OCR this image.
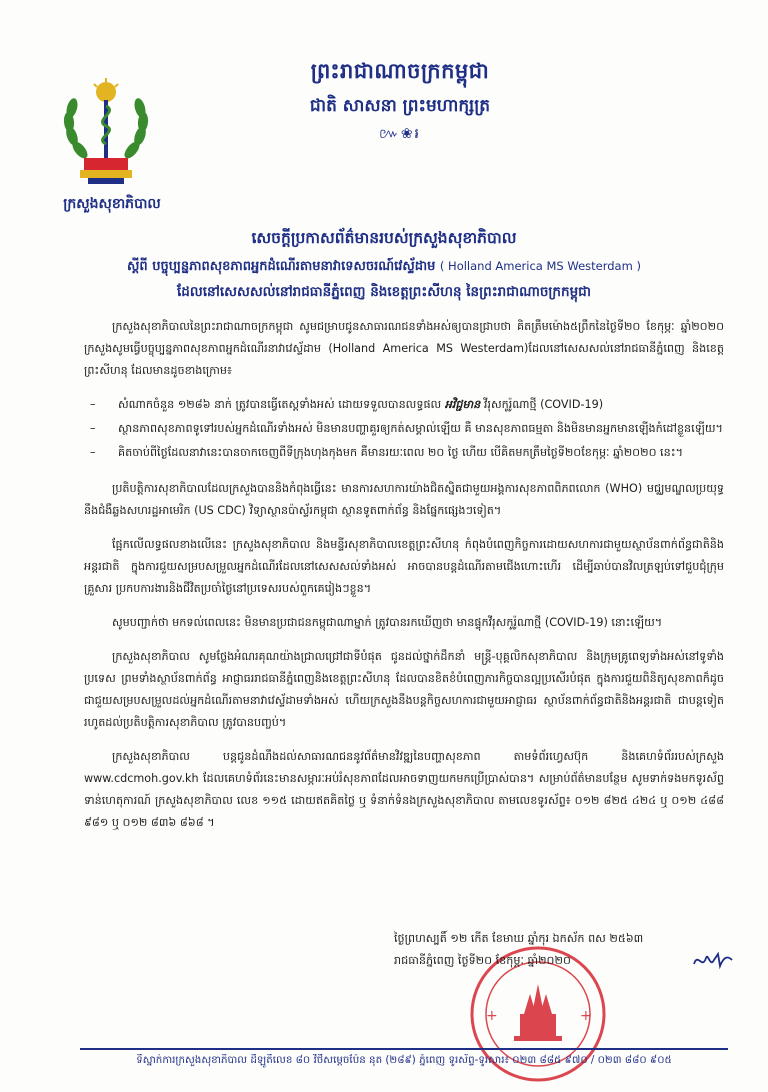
ព្រះរាជាណាចក្រកម្ពុជា
ជាតិ សាសនា ព្រះមហាក្សត្រ
៚❀៛
ក្រសួងសុខាភិបាល
សេចក្តីប្រកាសព័ត៌មានរបស់ក្រសួងសុខាភិបាល
ស្តីពី បច្ចុប្បន្នភាពសុខភាពអ្នកដំណើរតាមនាវាទេសចរណ៍វេស្ទ័ដាម ( Holland America MS Westerdam )
ដែលនៅសេសសល់នៅរាជធានីភ្នំពេញ និងខេត្តព្រះសីហនុ នៃព្រះរាជាណាចក្រកម្ពុជា

ក្រសួងសុខាភិបាលនៃព្រះរាជាណាចក្រកម្ពុជា សូមជម្រាបជូនសាធារណជនទាំងអស់ឲ្យបានជ្រាបថា គិតត្រឹមម៉ោង៥ព្រឹកនៃថ្ងៃទី២០ ខែកុម្ភៈ ឆ្នាំ២០២០ ក្រសួងសូមធ្វើបច្ចុប្បន្នភាពសុខភាពអ្នកដំណើរនាវាវេស្ទ័ដាម (Holland America MS Westerdam)ដែលនៅសេសសល់នៅរាជធានីភ្នំពេញ និងខេត្តព្រះសីហនុ ដែលមានដូចខាងក្រោម៖

– សំណាកចំនួន ១២៨៦ នាក់ ត្រូវបានធ្វើតេស្តទាំងអស់ ដោយទទួលបានលទ្ធផល អវិជ្ជមាន វីរុសកូរ៉ូណាថ្មី (COVID-19)
– ស្ថានភាពសុខភាពទូទៅរបស់អ្នកដំណើរទាំងអស់ មិនមានបញ្ហាគួរឲ្យកត់សម្គាល់ឡើយ គឺ មានសុខភាពធម្មតា និងមិនមានអ្នកមានឡើងកំដៅខ្លួនឡើយ។
– គិតចាប់ពីថ្ងៃដែលនាវានេះបានចាកចេញពីទីក្រុងហុងកុងមក គឺមានរយៈពេល ២០ ថ្ងៃ ហើយ បើគិតមកត្រឹមថ្ងៃទី២០ខែកុម្ភៈ ឆ្នាំ២០២០ នេះ។

ប្រតិបត្តិការសុខាភិបាលដែលក្រសួងបាននិងកំពុងធ្វើនេះ មានការសហការយ៉ាងជិតស្និតជាមួយអង្គការសុខភាពពិភពលោក (WHO) មជ្ឈមណ្ឌលប្រយុទ្ធនឹងជំងឺឆ្លងសហរដ្ឋអាមេរិក (US CDC) វិទ្យាស្ថានប៉ាស្ទ័រកម្ពុជា ស្ថានទូតពាក់ព័ន្ធ និងផ្នែកផ្សេងៗទៀត។

ផ្អែកលើលទ្ធផលខាងលើនេះ ក្រសួងសុខាភិបាល និងមន្ទីរសុខាភិបាលខេត្តព្រះសីហនុ កំពុងបំពេញកិច្ចការដោយសហការជាមួយស្ថាប័នពាក់ព័ន្ធជាតិនិងអន្តរជាតិ ក្នុងការជួយសម្របសម្រួលអ្នកដំណើរដែលនៅសេសសល់ទាំងអស់ អាចបានបន្តដំណើរតាមជើងហោះហើរ ដើម្បីឆាប់បានវិលត្រឡប់ទៅជួបជុំក្រុមគ្រួសារ ប្រកបការងារនិងជីវិតប្រចាំថ្ងៃនៅប្រទេសរបស់ពួកគេរៀងៗខ្លួន។

សូមបញ្ជាក់ថា មកទល់ពេលនេះ មិនមានប្រជាជនកម្ពុជាណាម្នាក់ ត្រូវបានរកឃើញថា មានផ្ទុកវីរុសកូរ៉ូណាថ្មី (COVID-19) នោះឡើយ។

ក្រសួងសុខាភិបាល សូមថ្លែងអំណរគុណយ៉ាងជ្រាលជ្រៅជាទីបំផុត ជូនដល់ថ្នាក់ដឹកនាំ មន្ត្រី-បុគ្គលិកសុខាភិបាល និងក្រុមគ្រូពេទ្យទាំងអស់នៅទូទាំងប្រទេស ព្រមទាំងស្ថាប័នពាក់ព័ន្ធ អាជ្ញាធររាជធានីភ្នំពេញនិងខេត្តព្រះសីហនុ ដែលបានខិតខំបំពេញភារកិច្ចបានល្អប្រសើរបំផុត ក្នុងការជួយពិនិត្យសុខភាពក៏ដូចជាជួយសម្របសម្រួលដល់អ្នកដំណើរតាមនាវាវេស្ទ័ដាមទាំងអស់ ហើយក្រសួងនឹងបន្តកិច្ចសហការជាមួយអាជ្ញាធរ ស្ថាប័នពាក់ព័ន្ធជាតិនិងអន្តរជាតិ ជាបន្តទៀត រហូតដល់ប្រតិបត្តិការសុខាភិបាល ត្រូវបានបញ្ចប់។

ក្រសួងសុខាភិបាល បន្តជូនដំណឹងដល់សាធារណជននូវព័ត៌មានវិវឌ្ឍនៃបញ្ហាសុខភាព តាមទំព័រហ្វេសប៊ុក និងគេហទំព័ររបស់ក្រសួង www.cdcmoh.gov.kh ដែលគេហទំព័រនេះមានសម្ភារៈអប់រំសុខភាពដែលអាចទាញយកមកប្រើប្រាស់បាន។ សម្រាប់ព័ត៌មានបន្ថែម សូមទាក់ទងមកទូរស័ព្ទទាន់ហេតុការណ៍ ក្រសួងសុខាភិបាល លេខ ១១៥ ដោយឥតគិតថ្លៃ ឬ ទំនាក់ទំនងក្រសួងសុខាភិបាល តាមលេខទូរស័ព្ទ៖ ០១២ ៨២៥ ៤២៤ ឬ ០១២ ៤៨៨ ៩៨១ ឬ ០១២ ៨៣៦ ៨៦៨ ។

+	+
ថ្ងៃព្រហស្បតិ៍ ១២ កើត ខែមាឃ ឆ្នាំកុរ ឯកស័ក ពស ២៥៦៣
រាជធានីភ្នំពេញ ថ្ងៃទី២០ ខែកុម្ភៈ ឆ្នាំ២០២០
ទីស្នាក់ការក្រសួងសុខាភិបាល ដីឡូតិ៍លេខ ៨០ វិថីសម្តេចប៉ែន នុត (២៨៩) ភ្នំពេញ ទូរស័ព្ទ-ទូរសារ៖ ០២៣ ៨៨៥ ៩៧០ / ០២៣ ៨៨០ ៩០៥
